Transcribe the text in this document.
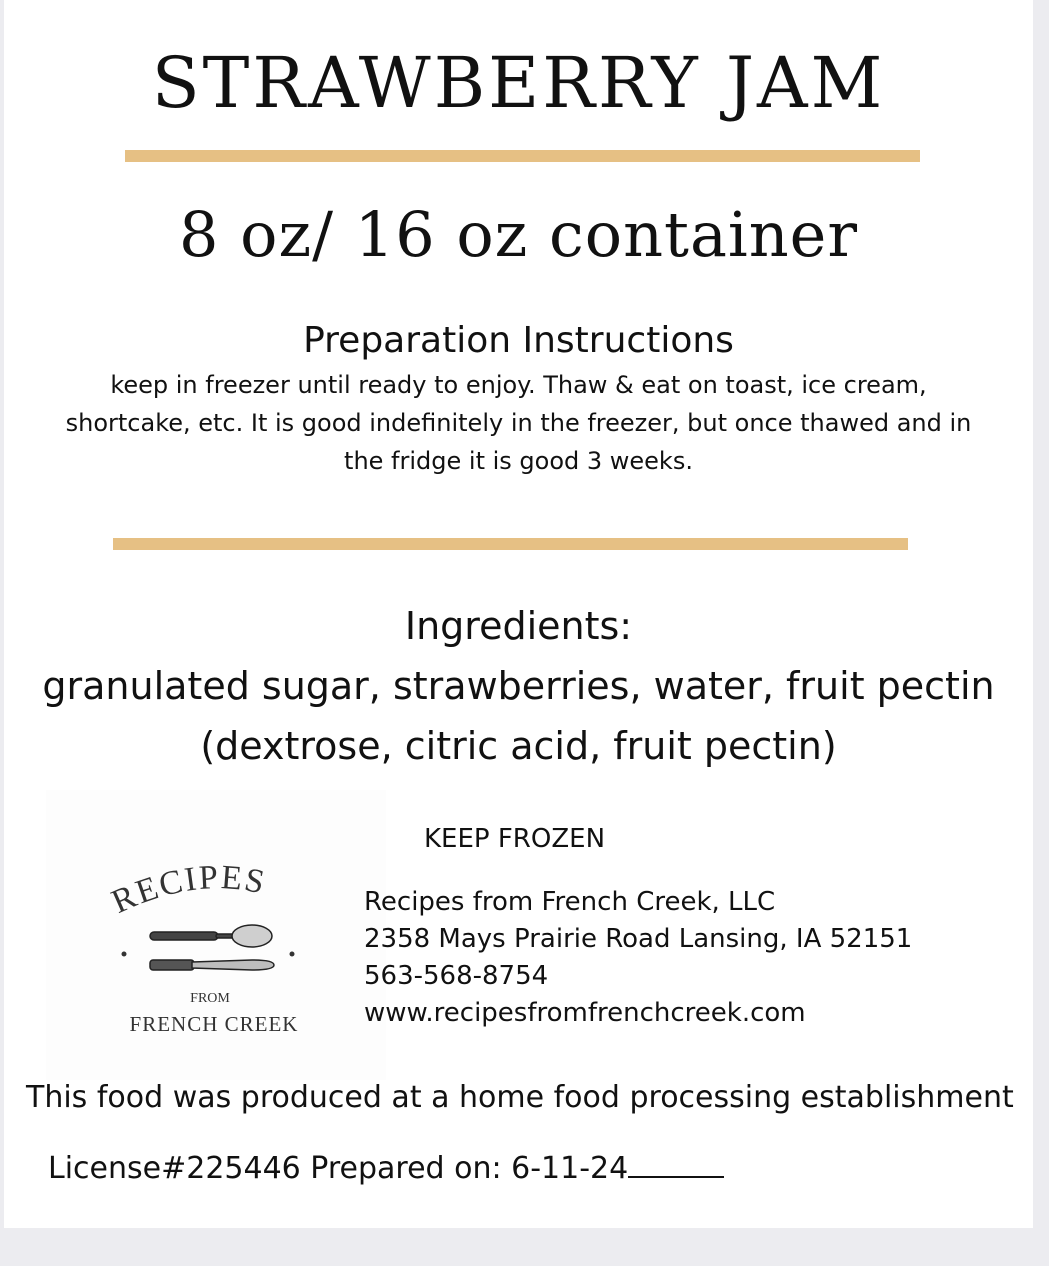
STRAWBERRY JAM
8 oz/ 16 oz container
Preparation Instructions
keep in freezer until ready to enjoy. Thaw & eat on toast, ice cream, shortcake, etc. It is good indefinitely in the freezer, but once thawed and in the fridge it is good 3 weeks.
Ingredients:
granulated sugar, strawberries, water, fruit pectin
(dextrose, citric acid, fruit pectin)
RECIPES
FROM
FRENCH CREEK
KEEP FROZEN
Recipes from French Creek, LLC
2358 Mays Prairie Road Lansing, IA 52151
563-568-8754
www.recipesfromfrenchcreek.com
This food was produced at a home food processing establishment
License#225446 Prepared on: 6-11-24
